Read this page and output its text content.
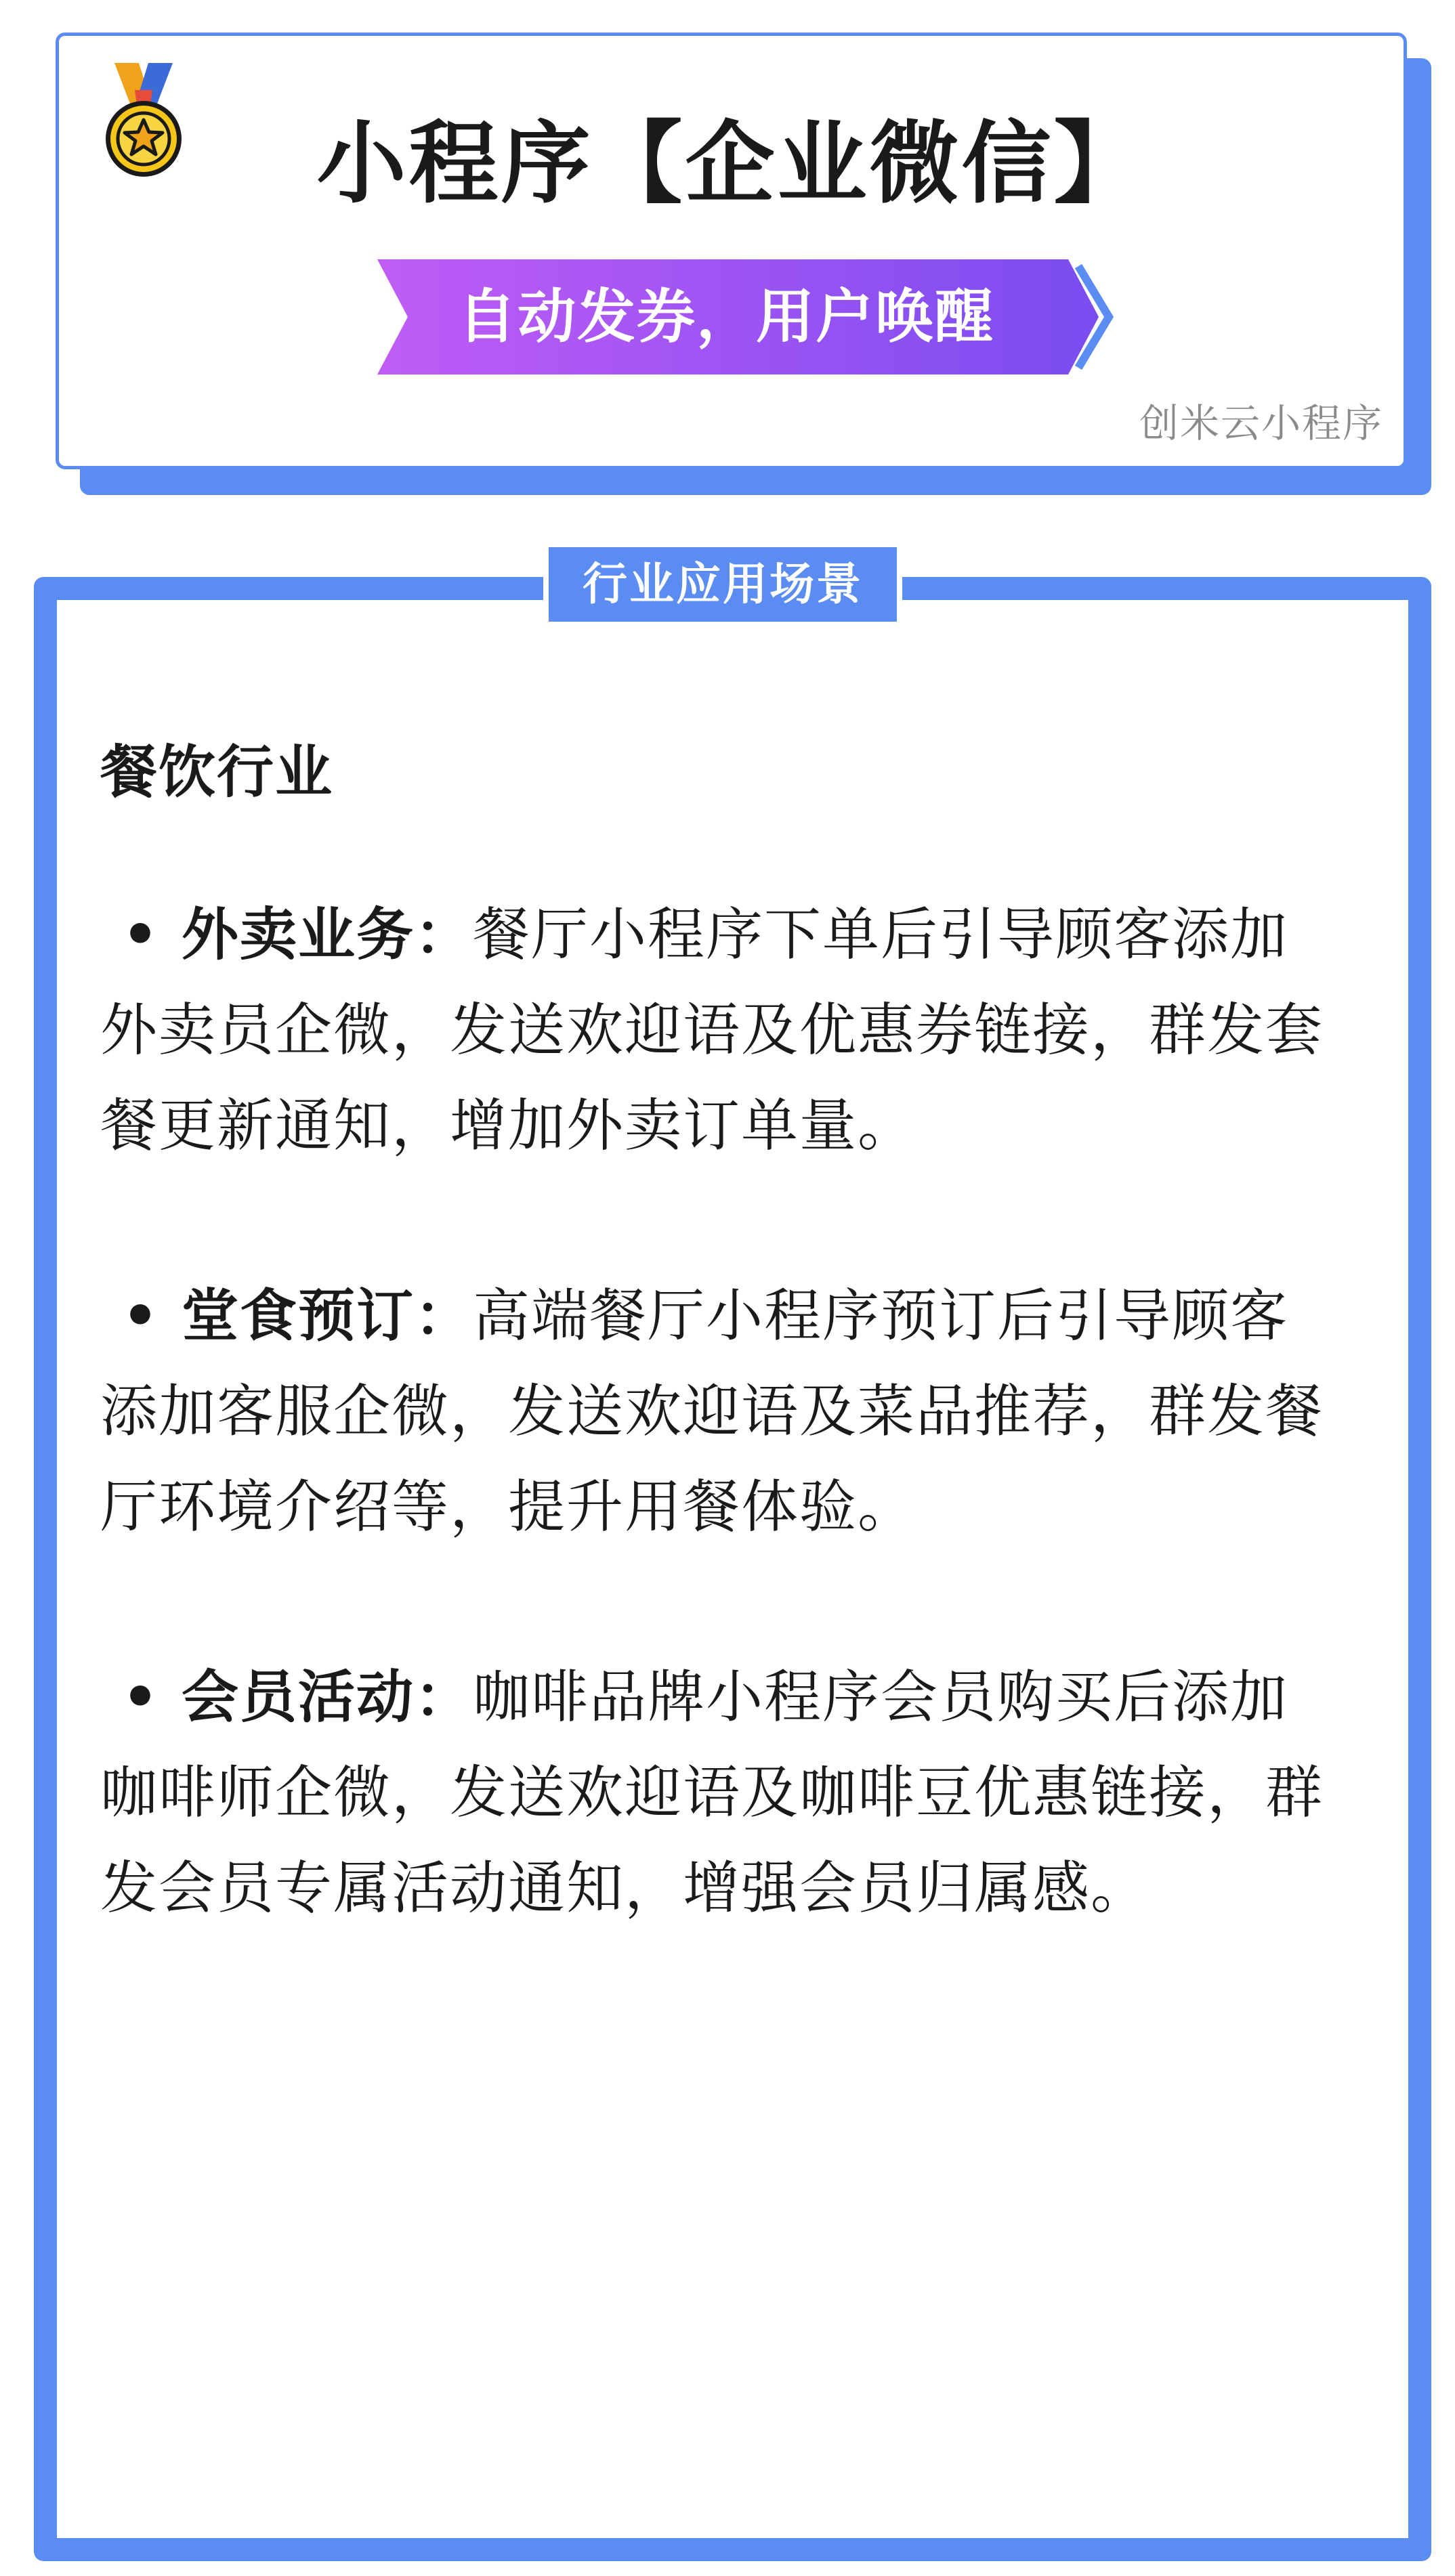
小程序【企业微信】
自动发券，用户唤醒
创米云小程序
行业应用场景
餐饮行业
• 外卖业务：餐厅小程序下单后引导顾客添加外卖员企微，发送欢迎语及优惠券链接，群发套餐更新通知，增加外卖订单量。
• 堂食预订：高端餐厅小程序预订后引导顾客添加客服企微，发送欢迎语及菜品推荐，群发餐厅环境介绍等，提升用餐体验。
• 会员活动：咖啡品牌小程序会员购买后添加咖啡师企微，发送欢迎语及咖啡豆优惠链接，群发会员专属活动通知，增强会员归属感。
